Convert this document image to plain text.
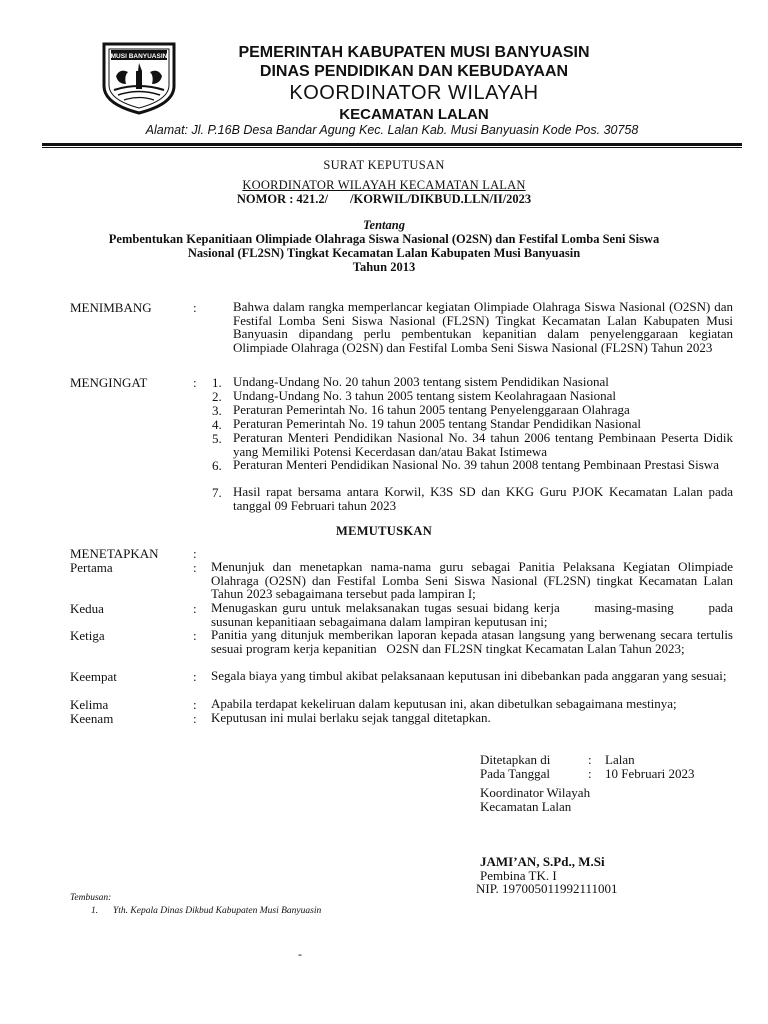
MUSI BANYUASIN	PEMERINTAH KABUPATEN MUSI BANYUASIN
DINAS PENDIDIKAN DAN KEBUDAYAAN
KOORDINATOR WILAYAH
KECAMATAN LALAN
Alamat: Jl. P.16B Desa Bandar Agung Kec. Lalan Kab. Musi Banyuasin Kode Pos. 30758
SURAT KEPUTUSAN
KOORDINATOR WILAYAH KECAMATAN LALAN
NOMOR : 421.2/       /KORWIL/DIKBUD.LLN/II/2023
Tentang
Pembentukan Kepanitiaan Olimpiade Olahraga Siswa Nasional (O2SN) dan Festifal Lomba Seni Siswa
Nasional (FL2SN) Tingkat Kecamatan Lalan Kabupaten Musi Banyuasin
Tahun 2013
MENIMBANG	:	Bahwa dalam rangka memperlancar kegiatan Olimpiade Olahraga Siswa Nasional (O2SN) dan Festifal Lomba Seni Siswa Nasional (FL2SN) Tingkat Kecamatan Lalan Kabupaten Musi Banyuasin dipandang perlu pembentukan kepanitian dalam penyelenggaraan kegiatan Olimpiade Olahraga (O2SN) dan Festifal Lomba Seni Siswa Nasional (FL2SN) Tahun 2023
MENGINGAT	:	1. Undang-Undang No. 20 tahun 2003 tentang sistem Pendidikan Nasional
2. Undang-Undang No. 3 tahun 2005 tentang sistem Keolahragaan Nasional
3. Peraturan Pemerintah No. 16 tahun 2005 tentang Penyelenggaraan Olahraga
4. Peraturan Pemerintah No. 19 tahun 2005 tentang Standar Pendidikan Nasional
5. Peraturan Menteri Pendidikan Nasional No. 34 tahun 2006 tentang Pembinaan Peserta Didik yang Memiliki Potensi Kecerdasan dan/atau Bakat Istimewa
6. Peraturan Menteri Pendidikan Nasional No. 39 tahun 2008 tentang Pembinaan Prestasi Siswa
7. Hasil rapat bersama antara Korwil, K3S SD dan KKG Guru PJOK Kecamatan Lalan pada tanggal 09 Februari tahun 2023
MEMUTUSKAN
MENETAPKAN	:
Pertama	:	Menunjuk dan menetapkan nama-nama guru sebagai Panitia Pelaksana Kegiatan Olimpiade Olahraga (O2SN) dan Festifal Lomba Seni Siswa Nasional (FL2SN) tingkat Kecamatan Lalan Tahun 2023 sebagaimana tersebut pada lampiran I;
Kedua	:	Menugaskan guru untuk melaksanakan tugas sesuai bidang kerja       masing-masing       pada susunan kepanitiaan sebagaimana dalam lampiran keputusan ini;
Ketiga	:	Panitia yang ditunjuk memberikan laporan kepada atasan langsung yang berwenang secara tertulis sesuai program kerja kepanitian   O2SN dan FL2SN tingkat Kecamatan Lalan Tahun 2023;
Keempat	:	Segala biaya yang timbul akibat pelaksanaan keputusan ini dibebankan pada anggaran yang sesuai;
Kelima	:	Apabila terdapat kekeliruan dalam keputusan ini, akan dibetulkan sebagaimana mestinya;
Keenam	:	Keputusan ini mulai berlaku sejak tanggal ditetapkan.
Ditetapkan di	: Lalan
Pada Tanggal	: 10 Februari 2023
Koordinator Wilayah
Kecamatan Lalan
JAMI’AN, S.Pd., M.Si
Pembina TK. I
NIP. 197005011992111001
Tembusan:
1. Yth. Kepala Dinas Dikbud Kabupaten Musi Banyuasin
-
